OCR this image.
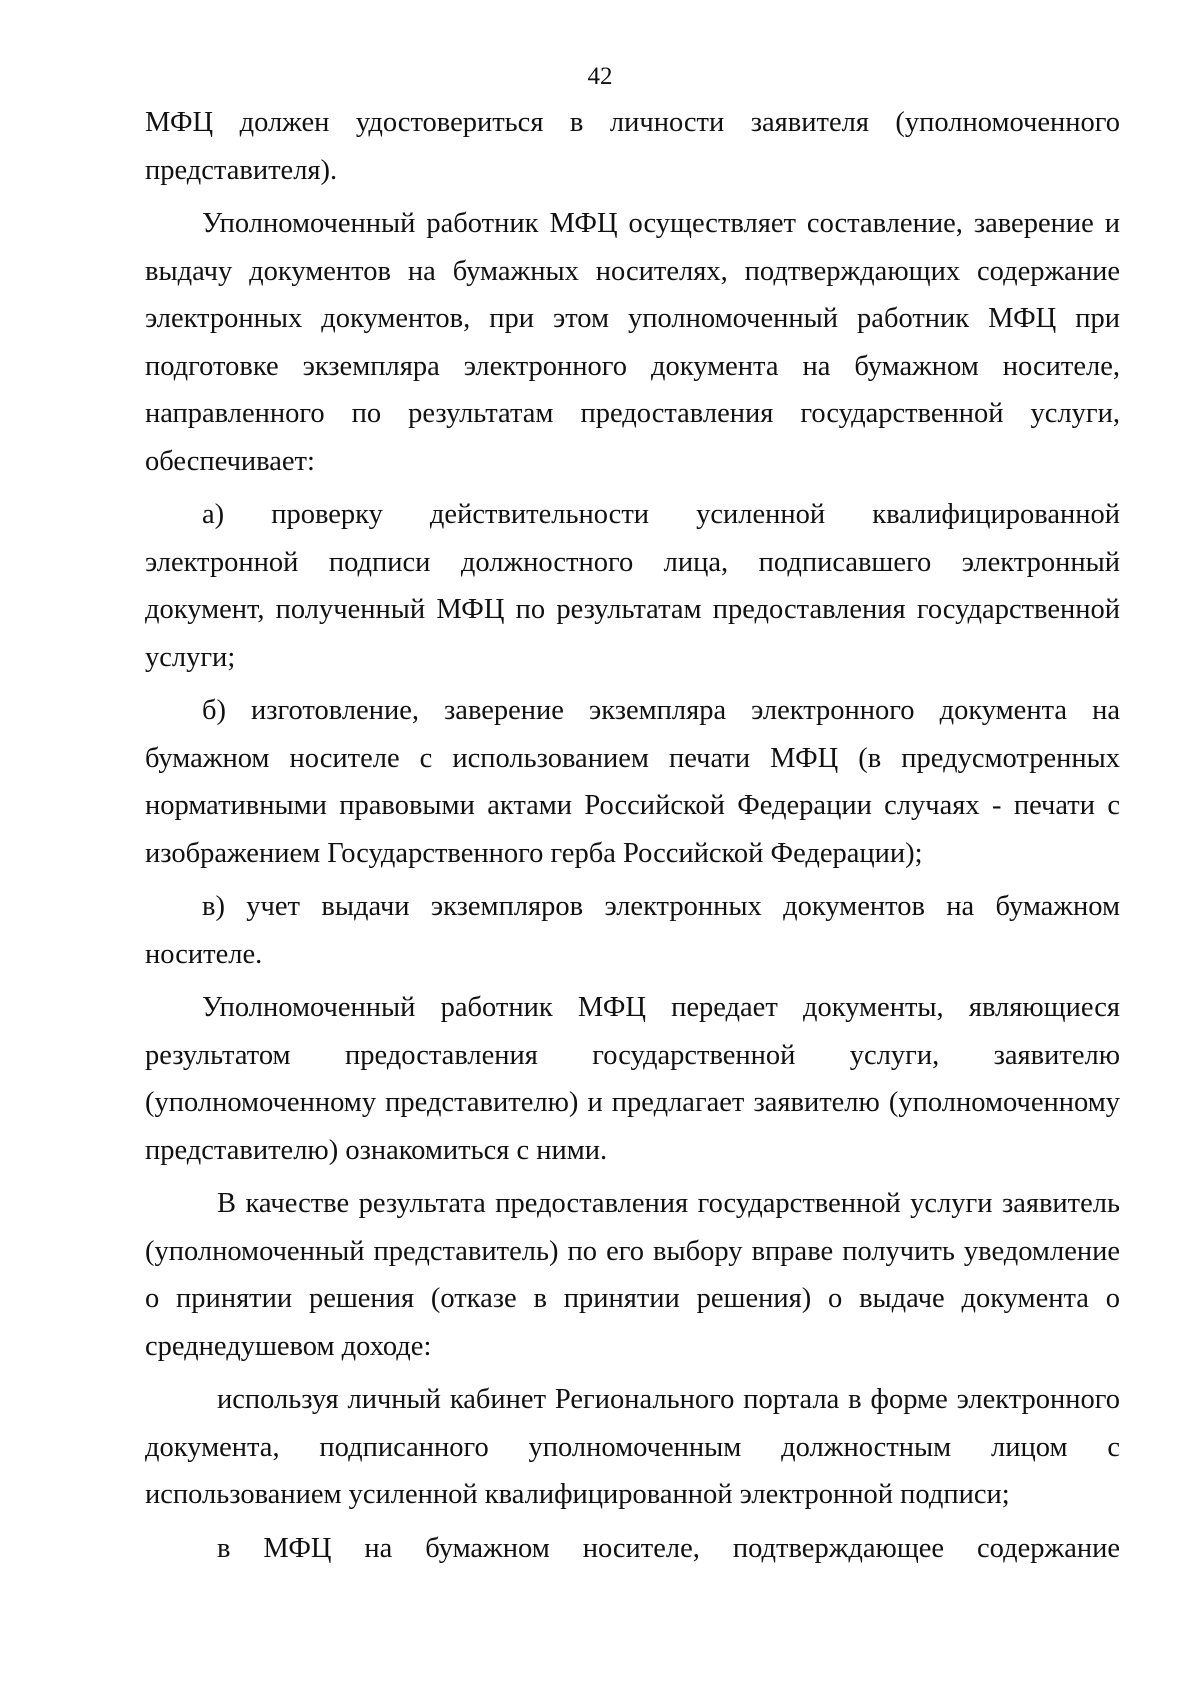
42

МФЦ должен удостовериться в личности заявителя (уполномоченного представителя).

Уполномоченный работник МФЦ осуществляет составление, заверение и выдачу документов на бумажных носителях, подтверждающих содержание электронных документов, при этом уполномоченный работник МФЦ при подготовке экземпляра электронного документа на бумажном носителе, направленного по результатам предоставления государственной услуги, обеспечивает:

а) проверку действительности усиленной квалифицированной электронной подписи должностного лица, подписавшего электронный документ, полученный МФЦ по результатам предоставления государственной услуги;

б) изготовление, заверение экземпляра электронного документа на бумажном носителе с использованием печати МФЦ (в предусмотренных нормативными правовыми актами Российской Федерации случаях - печати с изображением Государственного герба Российской Федерации);

в) учет выдачи экземпляров электронных документов на бумажном носителе.

Уполномоченный работник МФЦ передает документы, являющиеся результатом предоставления государственной услуги, заявителю (уполномоченному представителю) и предлагает заявителю (уполномоченному представителю) ознакомиться с ними.

В качестве результата предоставления государственной услуги заявитель (уполномоченный представитель) по его выбору вправе получить уведомление о принятии решения (отказе в принятии решения) о выдаче документа о среднедушевом доходе:

используя личный кабинет Регионального портала в форме электронного документа, подписанного уполномоченным должностным лицом с использованием усиленной квалифицированной электронной подписи;

в МФЦ на бумажном носителе, подтверждающее содержание
